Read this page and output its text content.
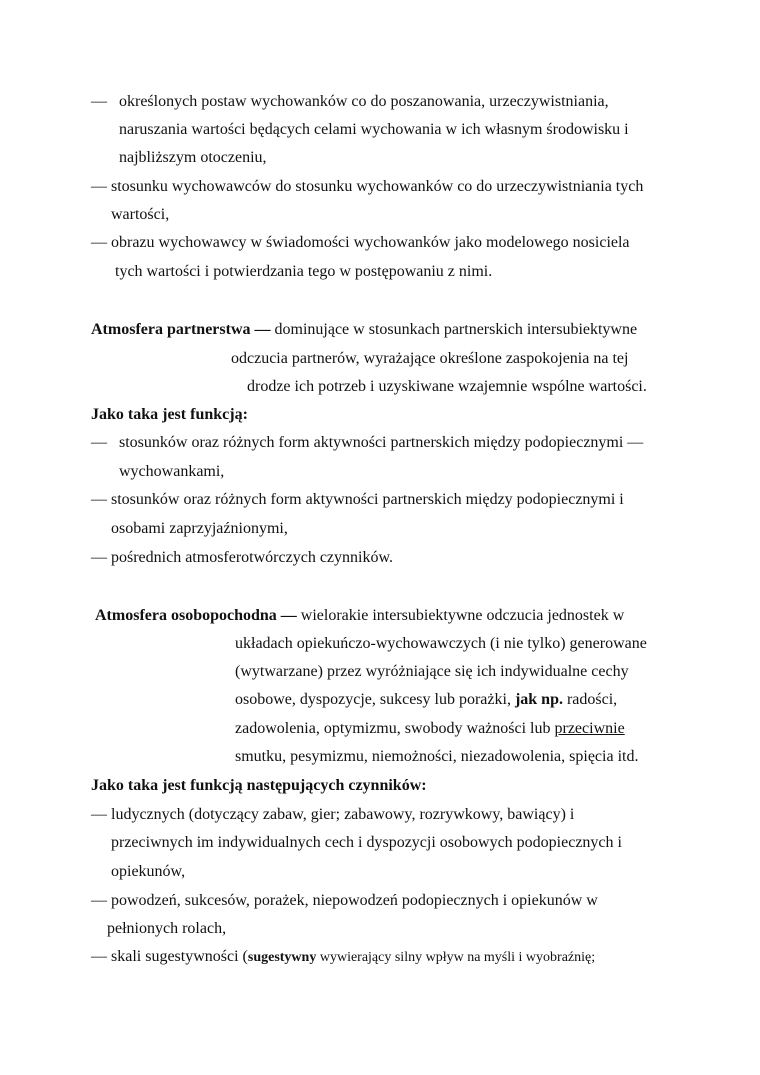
— określonych postaw wychowanków co do poszanowania, urzeczywistniania,
naruszania wartości będących celami wychowania w ich własnym środowisku i
najbliższym otoczeniu,
— stosunku wychowawców do stosunku wychowanków co do urzeczywistniania tych
wartości,
— obrazu wychowawcy w świadomości wychowanków jako modelowego nosiciela
tych wartości i potwierdzania tego w postępowaniu z nimi.
Atmosfera partnerstwa — dominujące w stosunkach partnerskich intersubiektywne
odczucia partnerów, wyrażające określone zaspokojenia na tej
drodze ich potrzeb i uzyskiwane wzajemnie wspólne wartości.
Jako taka jest funkcją:
— stosunków oraz różnych form aktywności partnerskich między podopiecznymi —
wychowankami,
— stosunków oraz różnych form aktywności partnerskich między podopiecznymi i
osobami zaprzyjaźnionymi,
— pośrednich atmosferotwórczych czynników.
Atmosfera osobopochodna — wielorakie intersubiektywne odczucia jednostek w
układach opiekuńczo-wychowawczych (i nie tylko) generowane
(wytwarzane) przez wyróżniające się ich indywidualne cechy
osobowe, dyspozycje, sukcesy lub porażki, jak np. radości,
zadowolenia, optymizmu, swobody ważności lub przeciwnie
smutku, pesymizmu, niemożności, niezadowolenia, spięcia itd.
Jako taka jest funkcją następujących czynników:
— ludycznych (dotyczący zabaw, gier; zabawowy, rozrywkowy, bawiący) i
przeciwnych im indywidualnych cech i dyspozycji osobowych podopiecznych i
opiekunów,
— powodzeń, sukcesów, porażek, niepowodzeń podopiecznych i opiekunów w
pełnionych rolach,
— skali sugestywności (sugestywny wywierający silny wpływ na myśli i wyobraźnię;
